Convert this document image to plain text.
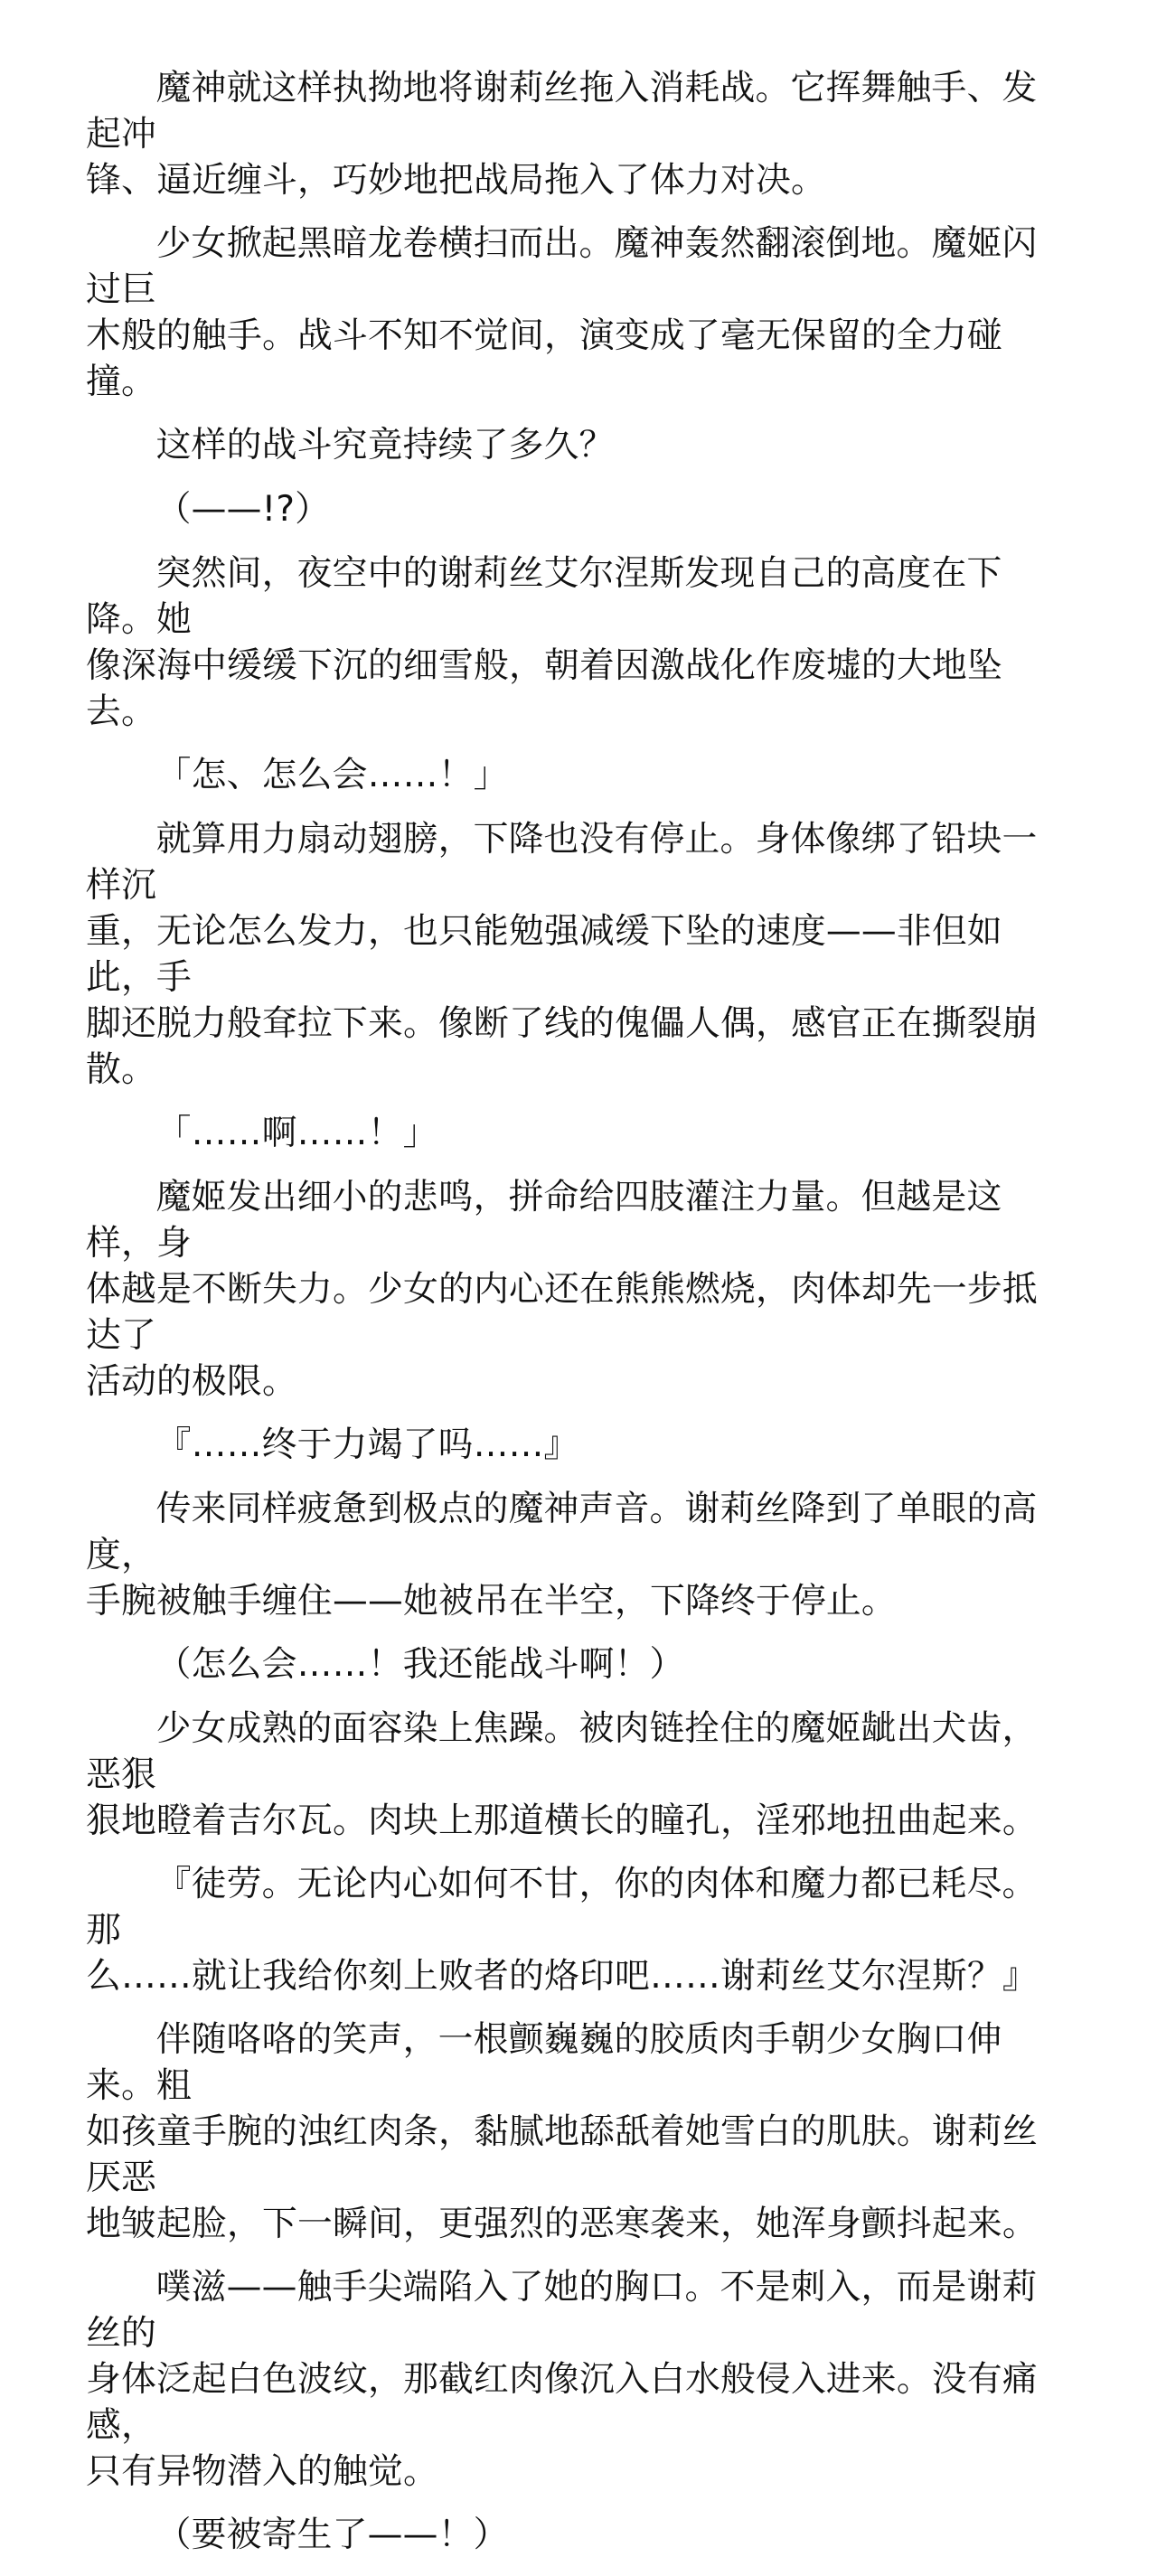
魔神就这样执拗地将谢莉丝拖入消耗战。它挥舞触手、发起冲
锋、逼近缠斗，巧妙地把战局拖入了体力对决。

少女掀起黑暗龙卷横扫而出。魔神轰然翻滚倒地。魔姬闪过巨
木般的触手。战斗不知不觉间，演变成了毫无保留的全力碰撞。

这样的战斗究竟持续了多久？

（——!?）

突然间，夜空中的谢莉丝艾尔涅斯发现自己的高度在下降。她
像深海中缓缓下沉的细雪般，朝着因激战化作废墟的大地坠去。

「怎、怎么会……！」

就算用力扇动翅膀，下降也没有停止。身体像绑了铅块一样沉
重，无论怎么发力，也只能勉强减缓下坠的速度——非但如此，手
脚还脱力般耷拉下来。像断了线的傀儡人偶，感官正在撕裂崩散。

「……啊……！」

魔姬发出细小的悲鸣，拼命给四肢灌注力量。但越是这样，身
体越是不断失力。少女的内心还在熊熊燃烧，肉体却先一步抵达了
活动的极限。

『……终于力竭了吗……』

传来同样疲惫到极点的魔神声音。谢莉丝降到了单眼的高度，
手腕被触手缠住——她被吊在半空，下降终于停止。

（怎么会……！我还能战斗啊！）

少女成熟的面容染上焦躁。被肉链拴住的魔姬龇出犬齿，恶狠
狠地瞪着吉尔瓦。肉块上那道横长的瞳孔，淫邪地扭曲起来。

『徒劳。无论内心如何不甘，你的肉体和魔力都已耗尽。那
么……就让我给你刻上败者的烙印吧……谢莉丝艾尔涅斯？』

伴随咯咯的笑声，一根颤巍巍的胶质肉手朝少女胸口伸来。粗
如孩童手腕的浊红肉条，黏腻地舔舐着她雪白的肌肤。谢莉丝厌恶
地皱起脸，下一瞬间，更强烈的恶寒袭来，她浑身颤抖起来。

噗滋——触手尖端陷入了她的胸口。不是刺入，而是谢莉丝的
身体泛起白色波纹，那截红肉像沉入白水般侵入进来。没有痛感，
只有异物潜入的触觉。

（要被寄生了——！）
